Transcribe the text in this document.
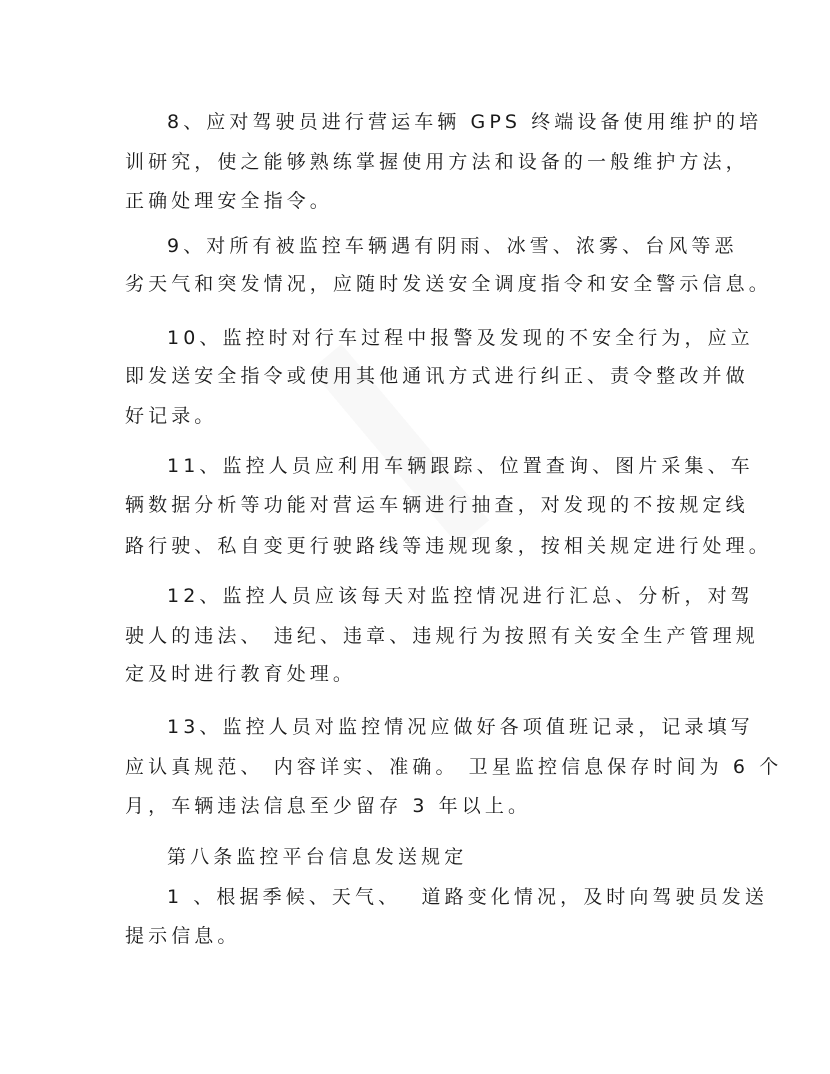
8、应对驾驶员进行营运车辆 GPS 终端设备使用维护的培
训研究，使之能够熟练掌握使用方法和设备的一般维护方法，
正确处理安全指令。
9、对所有被监控车辆遇有阴雨、冰雪、浓雾、台风等恶
劣天气和突发情况，应随时发送安全调度指令和安全警示信息。
10、监控时对行车过程中报警及发现的不安全行为，应立
即发送安全指令或使用其他通讯方式进行纠正、责令整改并做
好记录。
11、监控人员应利用车辆跟踪、位置查询、图片采集、车
辆数据分析等功能对营运车辆进行抽查，对发现的不按规定线
路行驶、私自变更行驶路线等违规现象，按相关规定进行处理。
12、监控人员应该每天对监控情况进行汇总、分析，对驾
驶人的违法、 违纪、违章、违规行为按照有关安全生产管理规
定及时进行教育处理。
13、监控人员对监控情况应做好各项值班记录，记录填写
应认真规范、 内容详实、准确。 卫星监控信息保存时间为 6 个
月，车辆违法信息至少留存 3 年以上。
第八条监控平台信息发送规定
1 、根据季候、天气、  道路变化情况，及时向驾驶员发送
提示信息。
